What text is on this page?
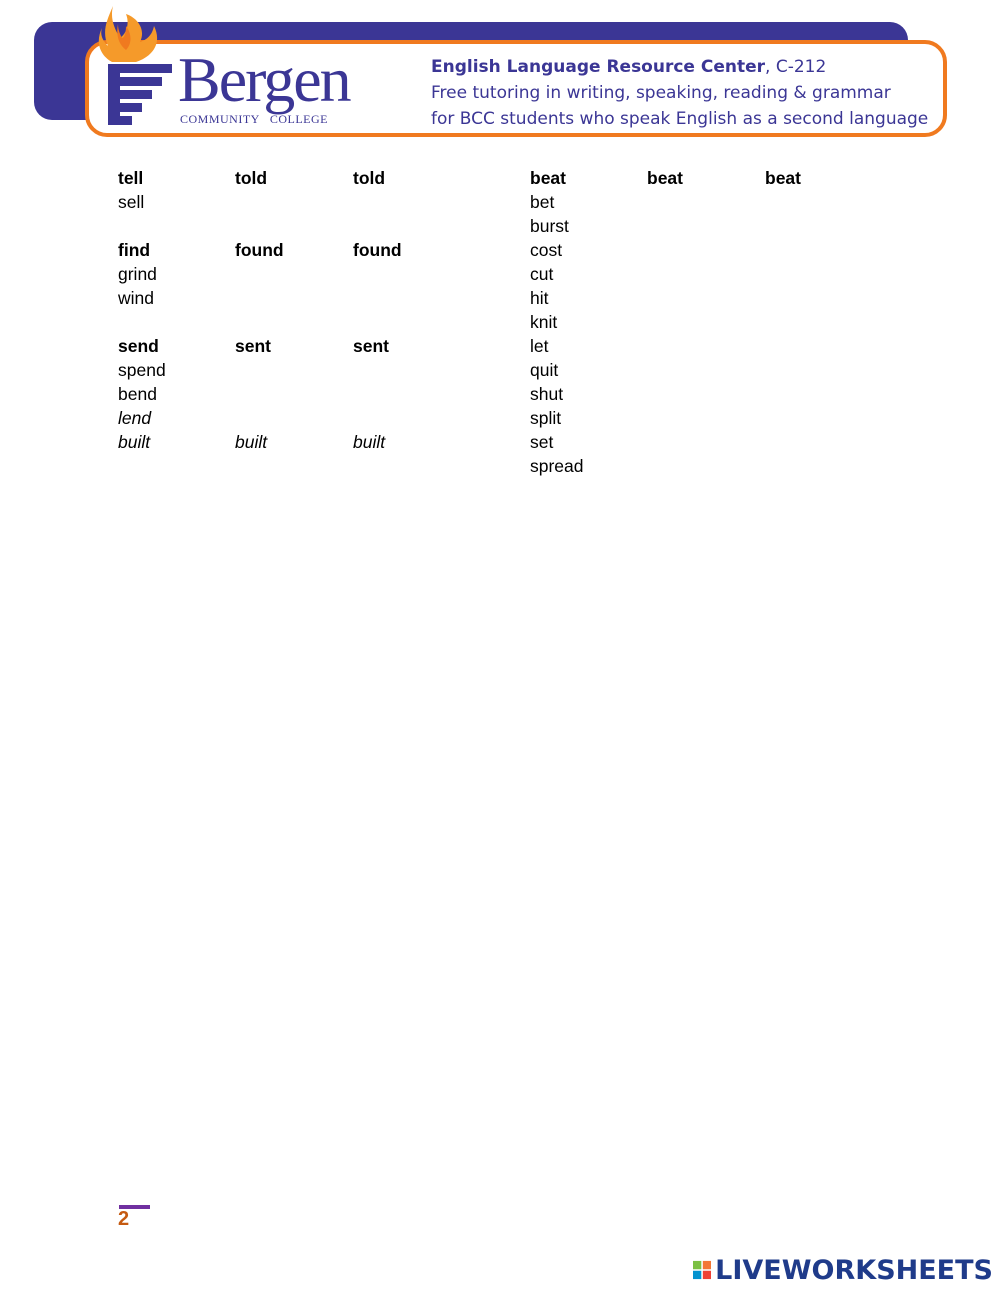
Bergen
COMMUNITY COLLEGE
English Language Resource Center, C-212
Free tutoring in writing, speaking, reading & grammar
for BCC students who speak English as a second language
tell
sell
find
grind
wind
send
spend
bend
lend
built
told
found
sent
built
told
found
sent
built
beat
bet
burst
cost
cut
hit
knit
let
quit
shut
split
set
spread
beat	beat
2
LIVEWORKSHEETS
